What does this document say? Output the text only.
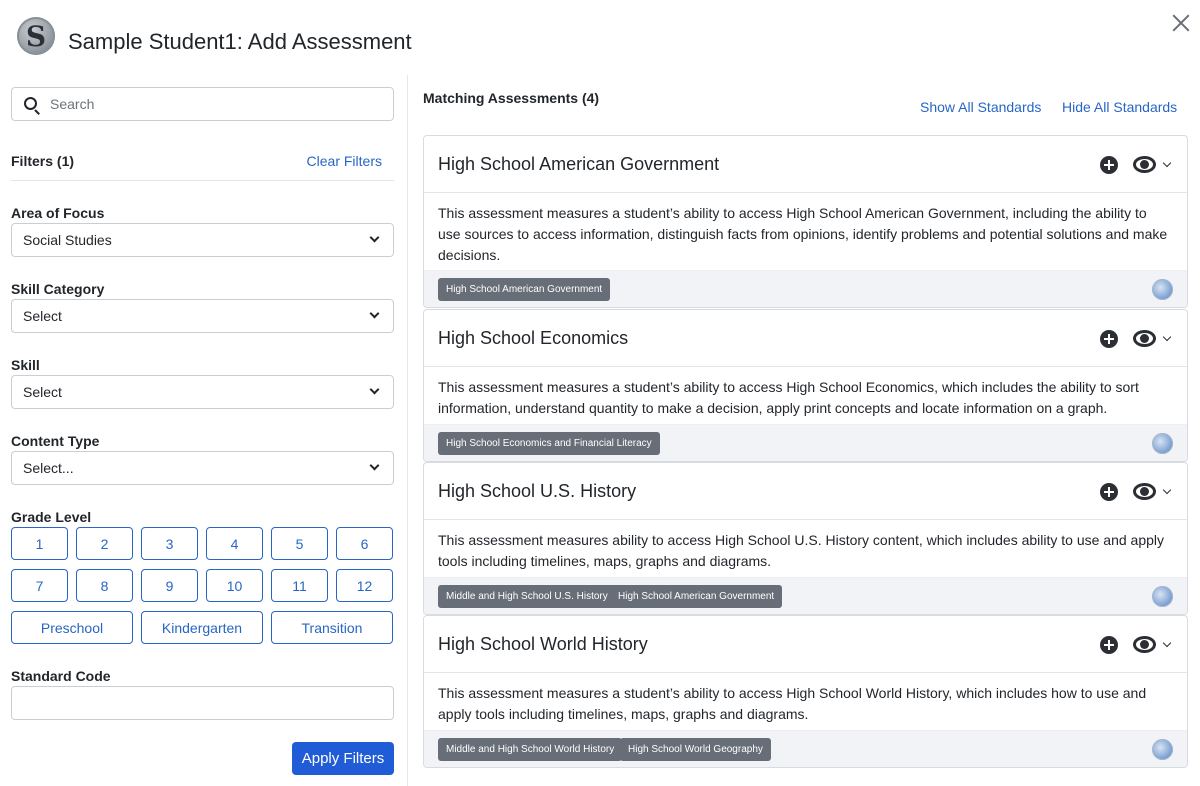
S Sample Student1: Add Assessment
Search
Filters (1)	Clear Filters
Area of Focus
Social Studies
Skill Category
Select
Skill
Select
Content Type
Select...
Grade Level
1	2	3	4	5	6
7	8	9	10	11	12
Preschool	Kindergarten	Transition
Standard Code
Apply Filters
Matching Assessments (4)
Show All Standards Hide All Standards
High School American Government
This assessment measures a student’s ability to access High School American Government, including the ability to use sources to access information, distinguish facts from opinions, identify problems and potential solutions and make decisions.
High School American Government
High School Economics
This assessment measures a student’s ability to access High School Economics, which includes the ability to sort information, understand quantity to make a decision, apply print concepts and locate information on a graph.
High School Economics and Financial Literacy
High School U.S. History
This assessment measures ability to access High School U.S. History content, which includes ability to use and apply tools including timelines, maps, graphs and diagrams.
Middle and High School U.S. History	High School American Government
High School World History
This assessment measures a student’s ability to access High School World History, which includes how to use and apply tools including timelines, maps, graphs and diagrams.
Middle and High School World History	High School World Geography
